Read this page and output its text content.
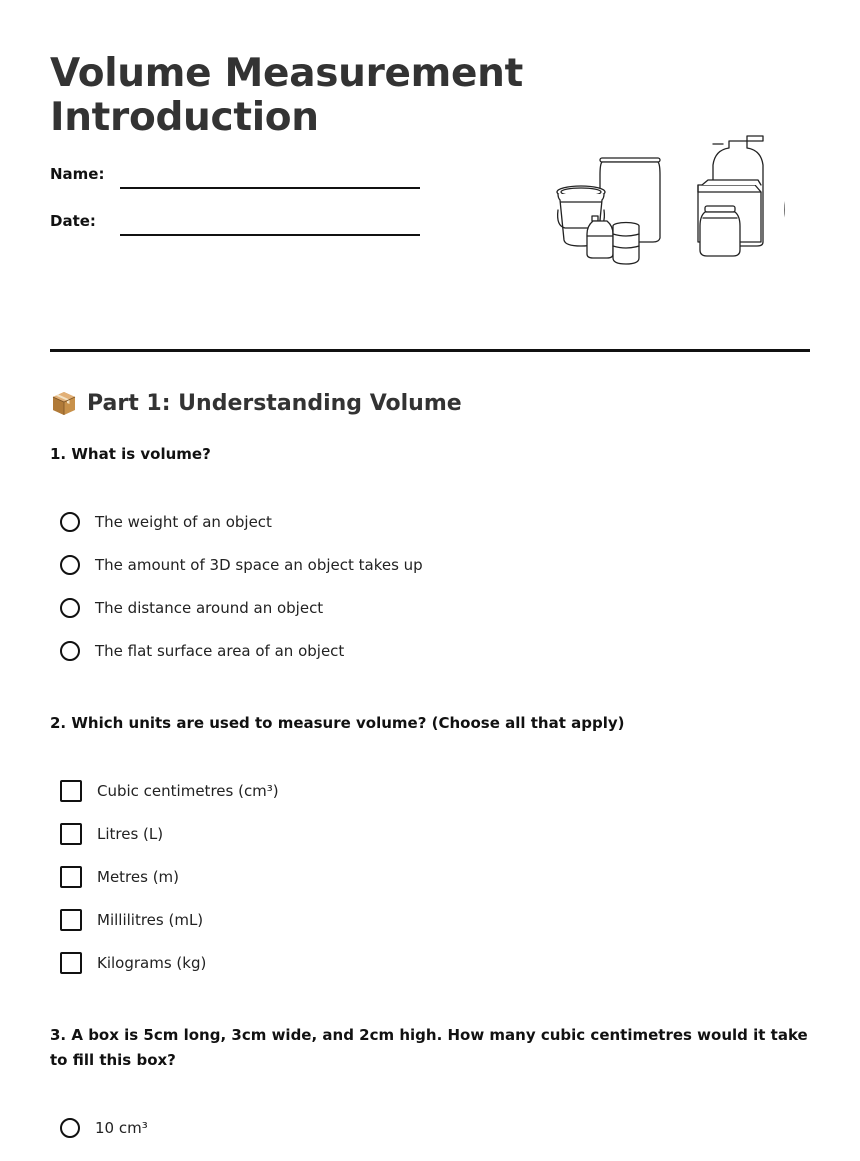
Volume Measurement
Introduction
Name:
Date:
Part 1: Understanding Volume

1. What is volume?

The weight of an object
The amount of 3D space an object takes up
The distance around an object
The flat surface area of an object

2. Which units are used to measure volume? (Choose all that apply)

Cubic centimetres (cm³)
Litres (L)
Metres (m)
Millilitres (mL)
Kilograms (kg)

3. A box is 5cm long, 3cm wide, and 2cm high. How many cubic centimetres would it take to fill this box?

10 cm³
